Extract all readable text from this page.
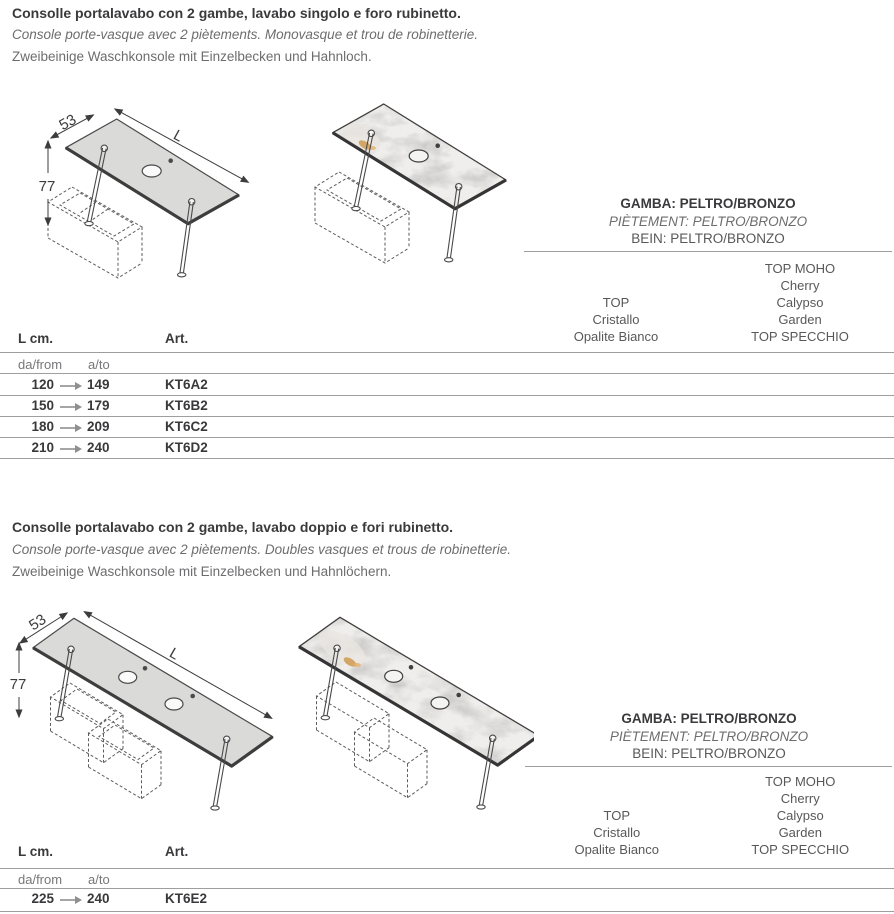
Consolle portalavabo con 2 gambe, lavabo singolo e foro rubinetto.
Console porte-vasque avec 2 piètements. Monovasque et trou de robinetterie.
Zweibeinige Waschkonsole mit Einzelbecken und Hahnloch.
53
L
77
GAMBA: PELTRO/BRONZO
PIÈTEMENT: PELTRO/BRONZO
BEIN: PELTRO/BRONZO
TOP
Cristallo
Opalite Bianco
TOP MOHO
Cherry
Calypso
Garden
TOP SPECCHIO
L cm.	Art.
da/from a/to
120 149	KT6A2
150 179	KT6B2
180 209	KT6C2
210 240	KT6D2
Consolle portalavabo con 2 gambe, lavabo doppio e fori rubinetto.
Console porte-vasque avec 2 piètements. Doubles vasques et trous de robinetterie.
Zweibeinige Waschkonsole mit Einzelbecken und Hahnlöchern.
53
L
77
GAMBA: PELTRO/BRONZO
PIÈTEMENT: PELTRO/BRONZO
BEIN: PELTRO/BRONZO
TOP
Cristallo
Opalite Bianco
TOP MOHO
Cherry
Calypso
Garden
TOP SPECCHIO
L cm.	Art.
da/from a/to
225 240	KT6E2
